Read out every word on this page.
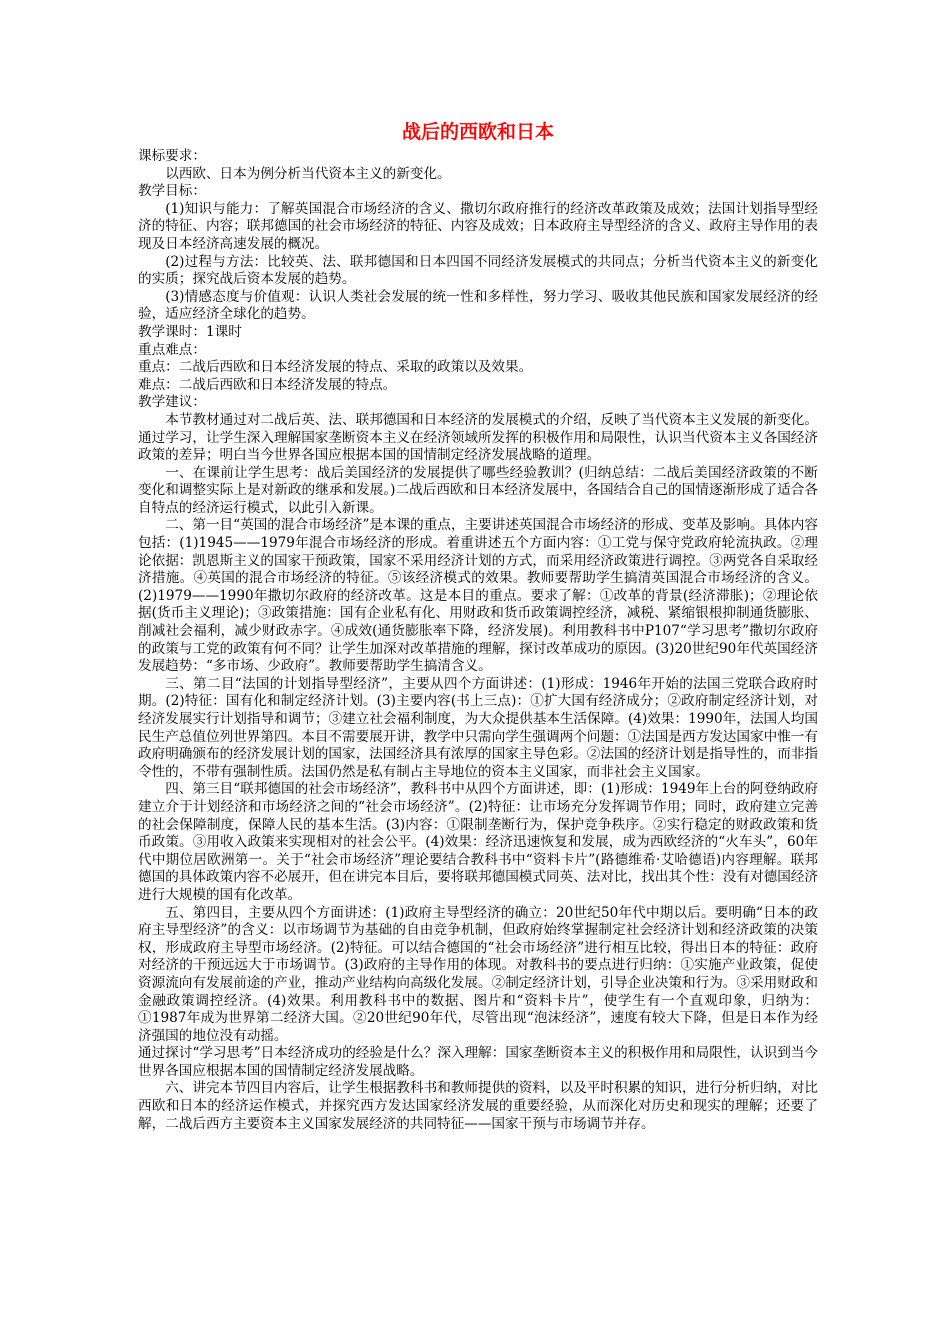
战后的西欧和日本

课标要求：

以西欧、日本为例分析当代资本主义的新变化。

教学目标：

(1)知识与能力：了解英国混合市场经济的含义、撒切尔政府推行的经济改革政策及成效；法国计划指导型经济的特征、内容；联邦德国的社会市场经济的特征、内容及成效；日本政府主导型经济的含义、政府主导作用的表现及日本经济高速发展的概况。

(2)过程与方法：比较英、法、联邦德国和日本四国不同经济发展模式的共同点；分析当代资本主义的新变化的实质；探究战后资本发展的趋势。

(3)情感态度与价值观：认识人类社会发展的统一性和多样性，努力学习、吸收其他民族和国家发展经济的经验，适应经济全球化的趋势。

教学课时：1课时

重点难点：

重点：二战后西欧和日本经济发展的特点、采取的政策以及效果。

难点：二战后西欧和日本经济发展的特点。

教学建议：

本节教材通过对二战后英、法、联邦德国和日本经济的发展模式的介绍，反映了当代资本主义发展的新变化。通过学习，让学生深入理解国家垄断资本主义在经济领域所发挥的积极作用和局限性，认识当代资本主义各国经济政策的差异；明白当今世界各国应根据本国的国情制定经济发展战略的道理。

一、在课前让学生思考：战后美国经济的发展提供了哪些经验教训？(归纳总结：二战后美国经济政策的不断变化和调整实际上是对新政的继承和发展。)二战后西欧和日本经济发展中，各国结合自己的国情逐渐形成了适合各自特点的经济运行模式，以此引入新课。

二、第一目“英国的混合市场经济”是本课的重点，主要讲述英国混合市场经济的形成、变革及影响。具体内容包括：(1)1945——1979年混合市场经济的形成。着重讲述五个方面内容：①工党与保守党政府轮流执政。②理论依据：凯恩斯主义的国家干预政策，国家不采用经济计划的方式，而采用经济政策进行调控。③两党各自采取经济措施。④英国的混合市场经济的特征。⑤该经济模式的效果。教师要帮助学生搞清英国混合市场经济的含义。(2)1979——1990年撒切尔政府的经济改革。这是本目的重点。要求了解：①改革的背景(经济滞胀)；②理论依据(货币主义理论)；③政策措施：国有企业私有化、用财政和货币政策调控经济，减税、紧缩银根抑制通货膨胀、削减社会福利，减少财政赤字。④成效(通货膨胀率下降，经济发展)。利用教科书中P107“学习思考”撒切尔政府的政策与工党的政策有何不同？让学生加深对改革措施的理解，探讨改革成功的原因。(3)20世纪90年代英国经济发展趋势：“多市场、少政府”。教师要帮助学生搞清含义。

三、第二目“法国的计划指导型经济”，主要从四个方面讲述：(1)形成：1946年开始的法国三党联合政府时期。(2)特征：国有化和制定经济计划。(3)主要内容(书上三点)：①扩大国有经济成分；②政府制定经济计划，对经济发展实行计划指导和调节；③建立社会福利制度，为大众提供基本生活保障。(4)效果：1990年，法国人均国民生产总值位列世界第四。本目不需要展开讲，教学中只需向学生强调两个问题：①法国是西方发达国家中惟一有政府明确颁布的经济发展计划的国家，法国经济具有浓厚的国家主导色彩。②法国的经济计划是指导性的，而非指令性的，不带有强制性质。法国仍然是私有制占主导地位的资本主义国家，而非社会主义国家。

四、第三目“联邦德国的社会市场经济”，教科书中从四个方面讲述，即：(1)形成：1949年上台的阿登纳政府建立介于计划经济和市场经济之间的“社会市场经济”。(2)特征：让市场充分发挥调节作用；同时，政府建立完善的社会保障制度，保障人民的基本生活。(3)内容：①限制垄断行为，保护竞争秩序。②实行稳定的财政政策和货币政策。③用收入政策来实现相对的社会公平。(4)效果：经济迅速恢复和发展，成为西欧经济的“火车头”，60年代中期位居欧洲第一。关于“社会市场经济”理论要结合教科书中“资料卡片”(路德维希·艾哈德语)内容理解。联邦德国的具体政策内容不必展开，但在讲完本目后，要将联邦德国模式同英、法对比，找出其个性：没有对德国经济进行大规模的国有化改革。

五、第四目，主要从四个方面讲述：(1)政府主导型经济的确立：20世纪50年代中期以后。要明确“日本的政府主导型经济”的含义：以市场调节为基础的自由竞争机制，但政府始终掌握制定社会经济计划和经济政策的决策权，形成政府主导型市场经济。(2)特征。可以结合德国的“社会市场经济”进行相互比较，得出日本的特征：政府对经济的干预远远大于市场调节。(3)政府的主导作用的体现。对教科书的要点进行归纳：①实施产业政策，促使资源流向有发展前途的产业，推动产业结构向高级化发展。②制定经济计划，引导企业决策和行为。③采用财政和金融政策调控经济。(4)效果。利用教科书中的数据、图片和“资料卡片”，使学生有一个直观印象，归纳为：①1987年成为世界第二经济大国。②20世纪90年代，尽管出现“泡沫经济”，速度有较大下降，但是日本作为经济强国的地位没有动摇。

通过探讨“学习思考”日本经济成功的经验是什么？深入理解：国家垄断资本主义的积极作用和局限性，认识到当今世界各国应根据本国的国情制定经济发展战略。

六、讲完本节四目内容后，让学生根据教科书和教师提供的资料，以及平时积累的知识，进行分析归纳，对比西欧和日本的经济运作模式，并探究西方发达国家经济发展的重要经验，从而深化对历史和现实的理解；还要了解，二战后西方主要资本主义国家发展经济的共同特征——国家干预与市场调节并存。
